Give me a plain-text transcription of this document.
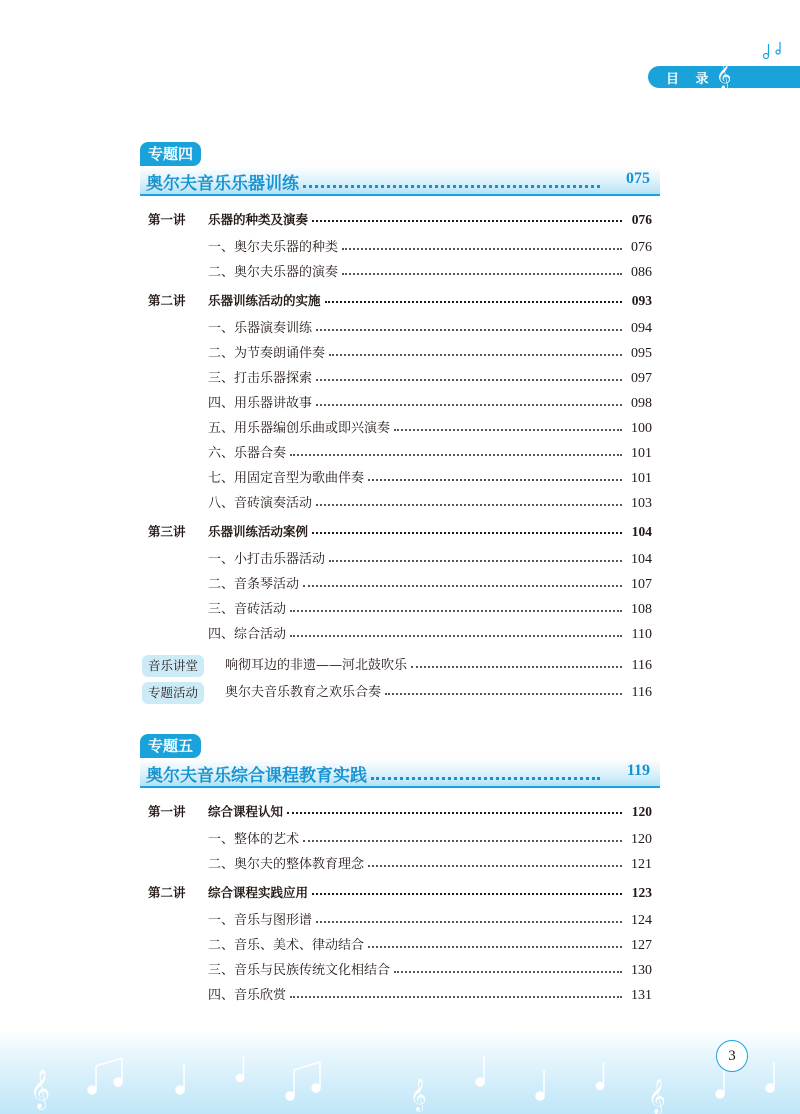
目 录 𝄞
专题四
奥尔夫音乐乐器训练	075
第一讲 乐器的种类及演奏	076
一、奥尔夫乐器的种类	076
二、奥尔夫乐器的演奏	086
第二讲 乐器训练活动的实施	093
一、乐器演奏训练	094
二、为节奏朗诵伴奏	095
三、打击乐器探索	097
四、用乐器讲故事	098
五、用乐器编创乐曲或即兴演奏	100
六、乐器合奏	101
七、用固定音型为歌曲伴奏	101
八、音砖演奏活动	103
第三讲 乐器训练活动案例	104
一、小打击乐器活动	104
二、音条琴活动	107
三、音砖活动	108
四、综合活动	110
音乐讲堂	响彻耳边的非遗——河北鼓吹乐	116
专题活动	奥尔夫音乐教育之欢乐合奏	116
专题五
奥尔夫音乐综合课程教育实践	119
第一讲 综合课程认知	120
一、整体的艺术	120
二、奥尔夫的整体教育理念	121
第二讲 综合课程实践应用	123
一、音乐与图形谱	124
二、音乐、美术、律动结合	127
三、音乐与民族传统文化相结合	130
四、音乐欣赏	131
𝄞	𝄞	𝄞
3
